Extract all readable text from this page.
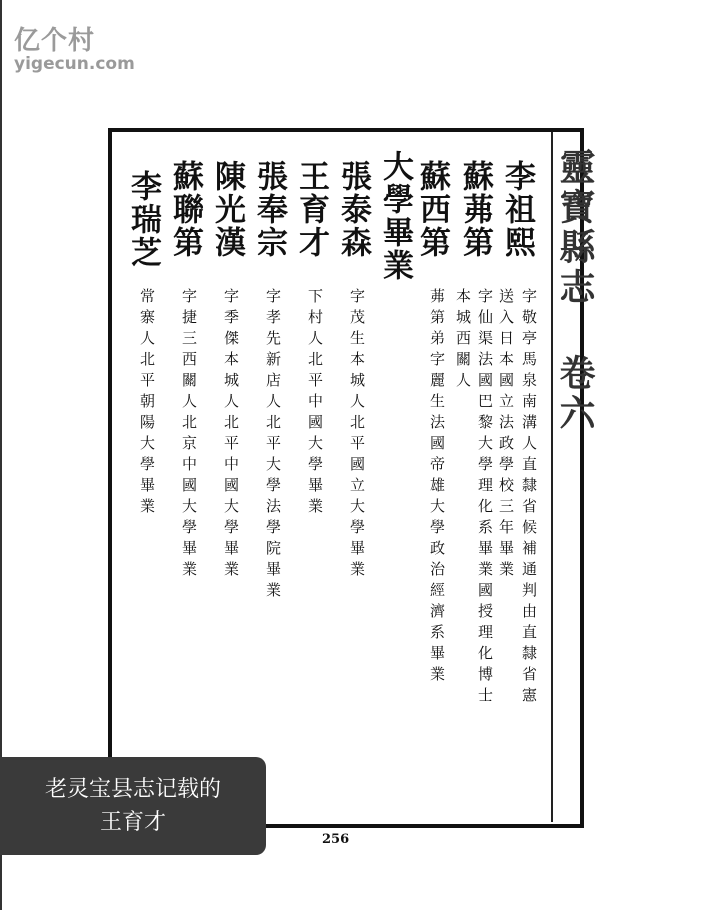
亿个村
yigecun.com
靈寶縣志 卷六
李祖熙
字敬亭馬泉南溝人直隸省候補通判由直隸省憲
送入日本國立法政學校三年畢業
蘇茀第
字仙渠法國巴黎大學理化系畢業國授理化博士
本城西關人
蘇西第
茀第弟字麗生法國帝雄大學政治經濟系畢業
大學畢業
張泰森
字茂生本城人北平國立大學畢業
王育才
下村人北平中國大學畢業
張奉宗
字孝先新店人北平大學法學院畢業
陳光漢
字季傑本城人北平中國大學畢業
蘇聯第
字捷三西關人北京中國大學畢業
李瑞芝
常寨人北平朝陽大學畢業
256
老灵宝县志记载的
王育才
